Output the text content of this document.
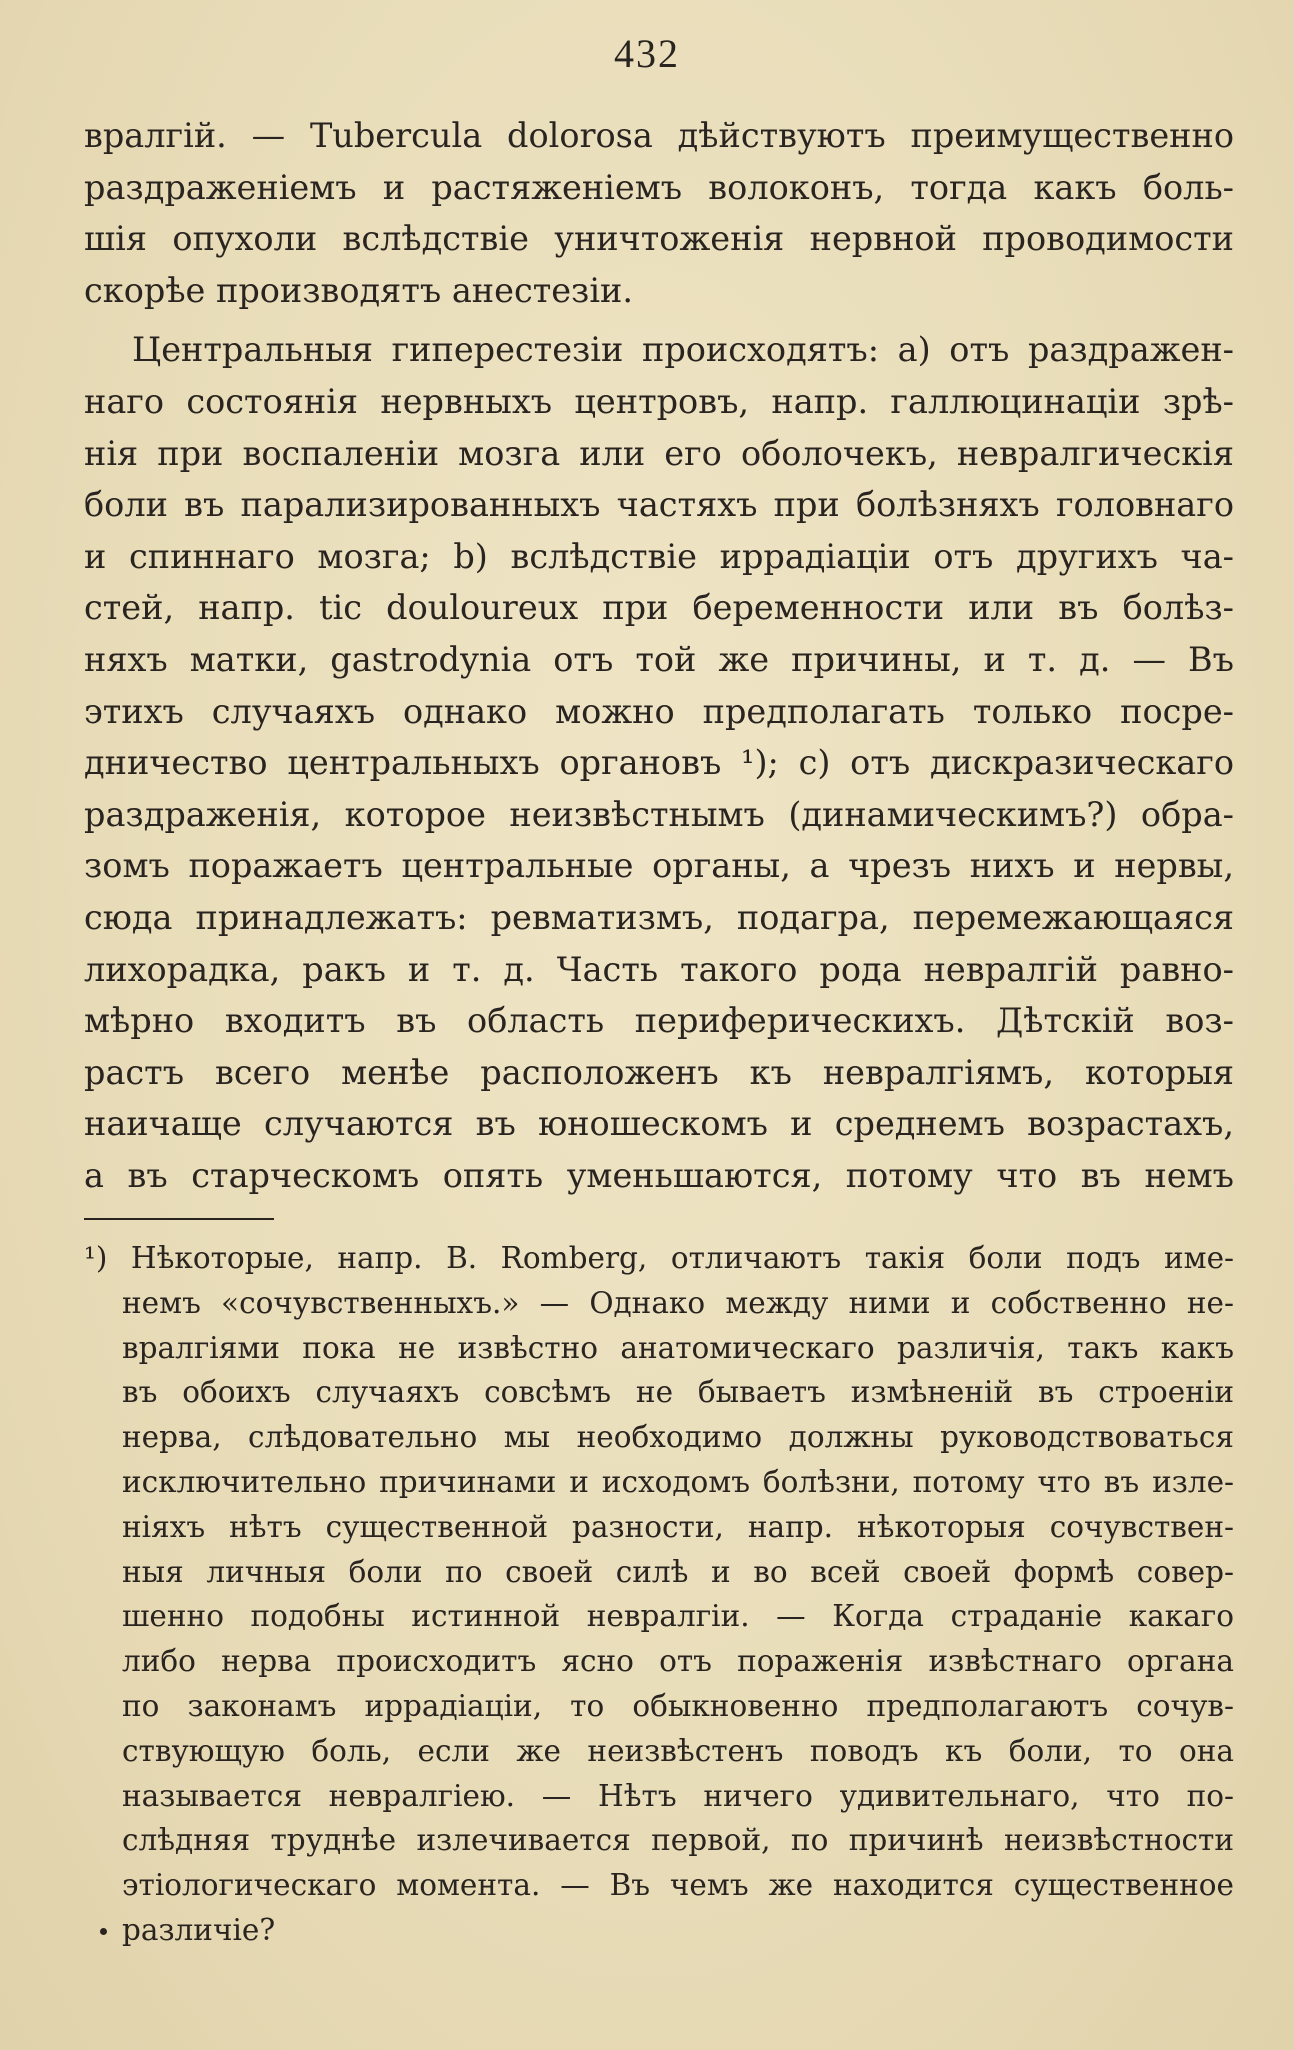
432
вралгій. — Tubercula dolorosa дѣйствуютъ преимущественно
раздраженіемъ и растяженіемъ волоконъ, тогда какъ боль-
шія опухоли вслѣдствіе уничтоженія нервной проводимости
скорѣе производятъ анестезіи.
Центральныя гиперестезіи происходятъ: a) отъ раздражен-
наго состоянія нервныхъ центровъ, напр. галлюцинаціи зрѣ-
нія при воспаленіи мозга или его оболочекъ, невралгическія
боли въ парализированныхъ частяхъ при болѣзняхъ головнаго
и спиннаго мозга; b) вслѣдствіе иррадіаціи отъ другихъ ча-
стей, напр. tic douloureux при беременности или въ болѣз-
няхъ матки, gastrodynia отъ той же причины, и т. д. — Въ
этихъ случаяхъ однако можно предполагать только посре-
дничество центральныхъ органовъ ¹); c) отъ дискразическаго
раздраженія, которое неизвѣстнымъ (динамическимъ?) обра-
зомъ поражаетъ центральные органы, а чрезъ нихъ и нервы,
сюда принадлежатъ: ревматизмъ, подагра, перемежающаяся
лихорадка, ракъ и т. д. Часть такого рода невралгій равно-
мѣрно входитъ въ область периферическихъ. Дѣтскій воз-
растъ всего менѣе расположенъ къ невралгіямъ, которыя
наичаще случаются въ юношескомъ и среднемъ возрастахъ,
а въ старческомъ опять уменьшаются, потому что въ немъ
¹) Нѣкоторые, напр. B. Romberg, отличаютъ такія боли подъ име-
немъ «сочувственныхъ.» — Однако между ними и собственно не-
вралгіями пока не извѣстно анатомическаго различія, такъ какъ
въ обоихъ случаяхъ совсѣмъ не бываетъ измѣненій въ строеніи
нерва, слѣдовательно мы необходимо должны руководствоваться
исключительно причинами и исходомъ болѣзни, потому что въ изле-
ніяхъ нѣтъ существенной разности, напр. нѣкоторыя сочувствен-
ныя личныя боли по своей силѣ и во всей своей формѣ совер-
шенно подобны истинной невралгіи. — Когда страданіе какаго
либо нерва происходитъ ясно отъ пораженія извѣстнаго органа
по законамъ иррадіаціи, то обыкновенно предполагаютъ сочув-
ствующую боль, если же неизвѣстенъ поводъ къ боли, то она
называется невралгіею. — Нѣтъ ничего удивительнаго, что по-
слѣдняя труднѣе излечивается первой, по причинѣ неизвѣстности
этіологическаго момента. — Въ чемъ же находится существенное
различіе?
